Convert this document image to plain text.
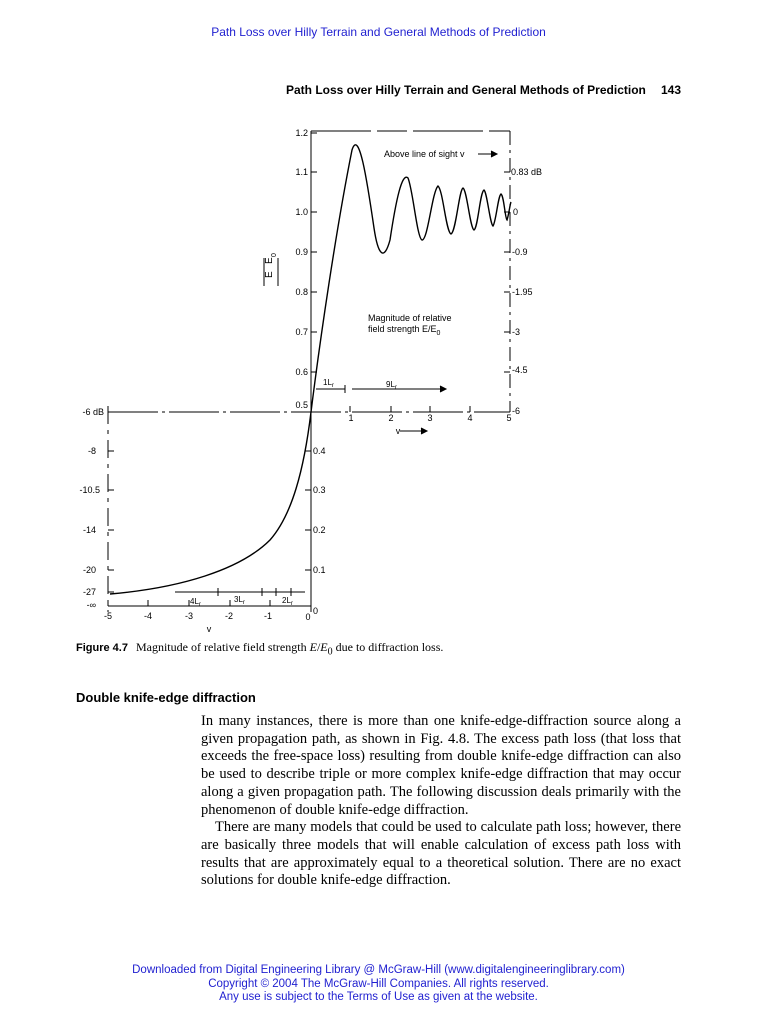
Path Loss over Hilly Terrain and General Methods of Prediction
Path Loss over Hilly Terrain and General Methods of Prediction 143
1.2
1.1
1.0
0.9
0.8
0.7
0.6
0.5
0.4
0.3
0.2
0.1
0
0.83 dB
0
-0.9
-1.95
-3
-4.5
-6
-6 dB
-8
-10.5
-14
-20
-27
-∞
1	2	3	4	5
v
-5	-4	-3	-2	-1	0
v
E
E
0
Above line of sight v
Magnitude of relative
field strength $E/E_0$
$1L_r$	$9L_r$
$4L_r$
$3L_r$	$2L_r$
Figure 4.7 Magnitude of relative field strength $E/E_0$ due to diffraction loss.
Double knife-edge diffraction

In many instances, there is more than one knife-edge-diffraction source along a given propagation path, as shown in Fig. 4.8. The excess path loss (that loss that exceeds the free-space loss) resulting from double knife-edge diffraction can also be used to describe triple or more complex knife-edge diffraction that may occur along a given propagation path. The following discussion deals primarily with the phenomenon of double knife-edge diffraction.

There are many models that could be used to calculate path loss; however, there are basically three models that will enable calculation of excess path loss with results that are approximately equal to a theoretical solution. There are no exact solutions for double knife-edge diffraction.

Downloaded from Digital Engineering Library @ McGraw-Hill (www.digitalengineeringlibrary.com)
Copyright © 2004 The McGraw-Hill Companies. All rights reserved.
Any use is subject to the Terms of Use as given at the website.
